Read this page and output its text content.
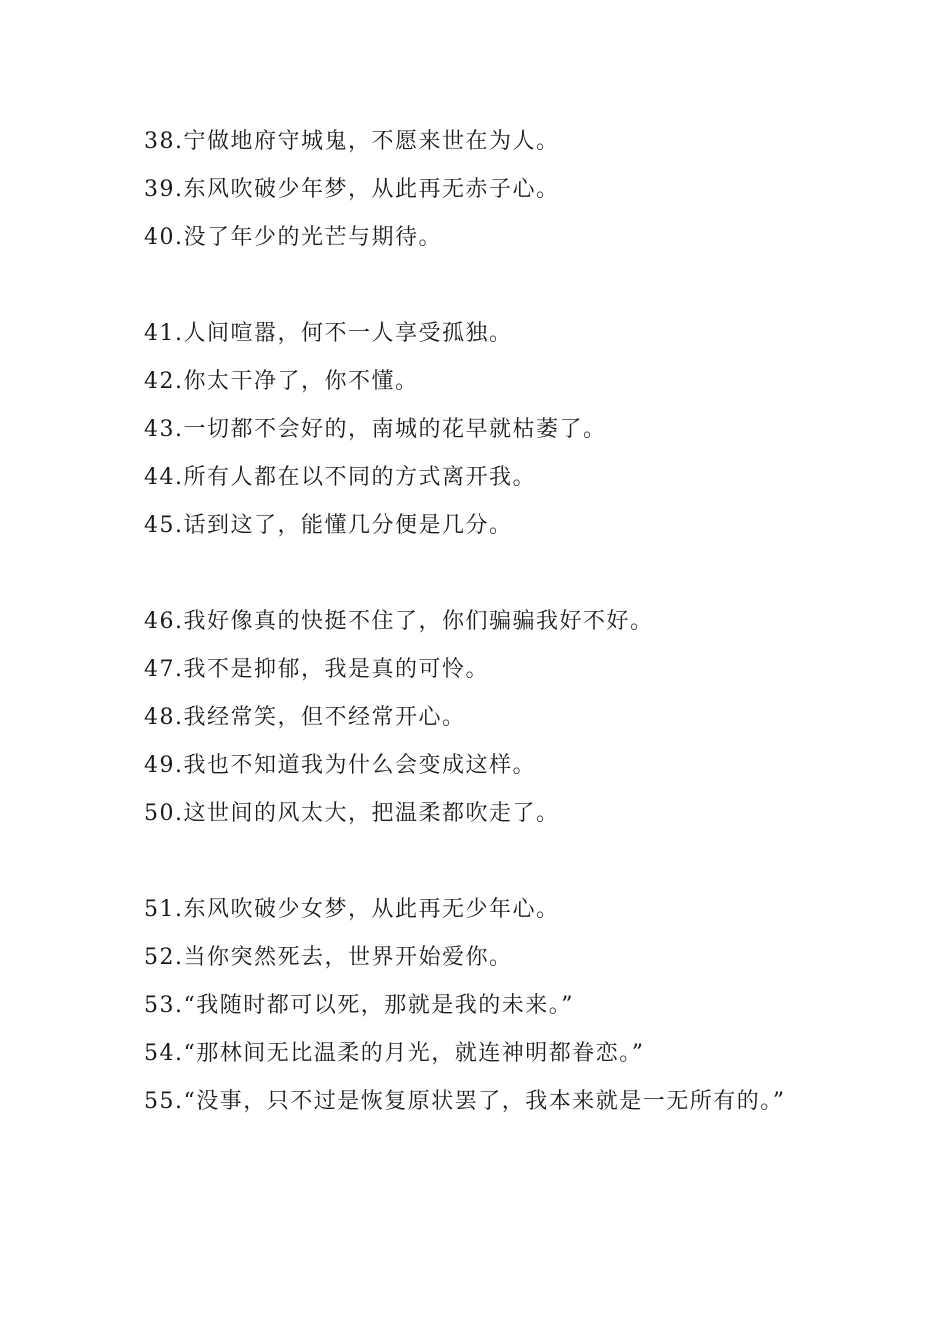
38.宁做地府守城鬼，不愿来世在为人。
39.东风吹破少年梦，从此再无赤子心。
40.没了年少的光芒与期待。
41.人间喧嚣，何不一人享受孤独。
42.你太干净了，你不懂。
43.一切都不会好的，南城的花早就枯萎了。
44.所有人都在以不同的方式离开我。
45.话到这了，能懂几分便是几分。
46.我好像真的快挺不住了，你们骗骗我好不好。
47.我不是抑郁，我是真的可怜。
48.我经常笑，但不经常开心。
49.我也不知道我为什么会变成这样。
50.这世间的风太大，把温柔都吹走了。
51.东风吹破少女梦，从此再无少年心。
52.当你突然死去，世界开始爱你。
53.“我随时都可以死，那就是我的未来。”
54.“那林间无比温柔的月光，就连神明都眷恋。”
55.“没事，只不过是恢复原状罢了，我本来就是一无所有的。”
